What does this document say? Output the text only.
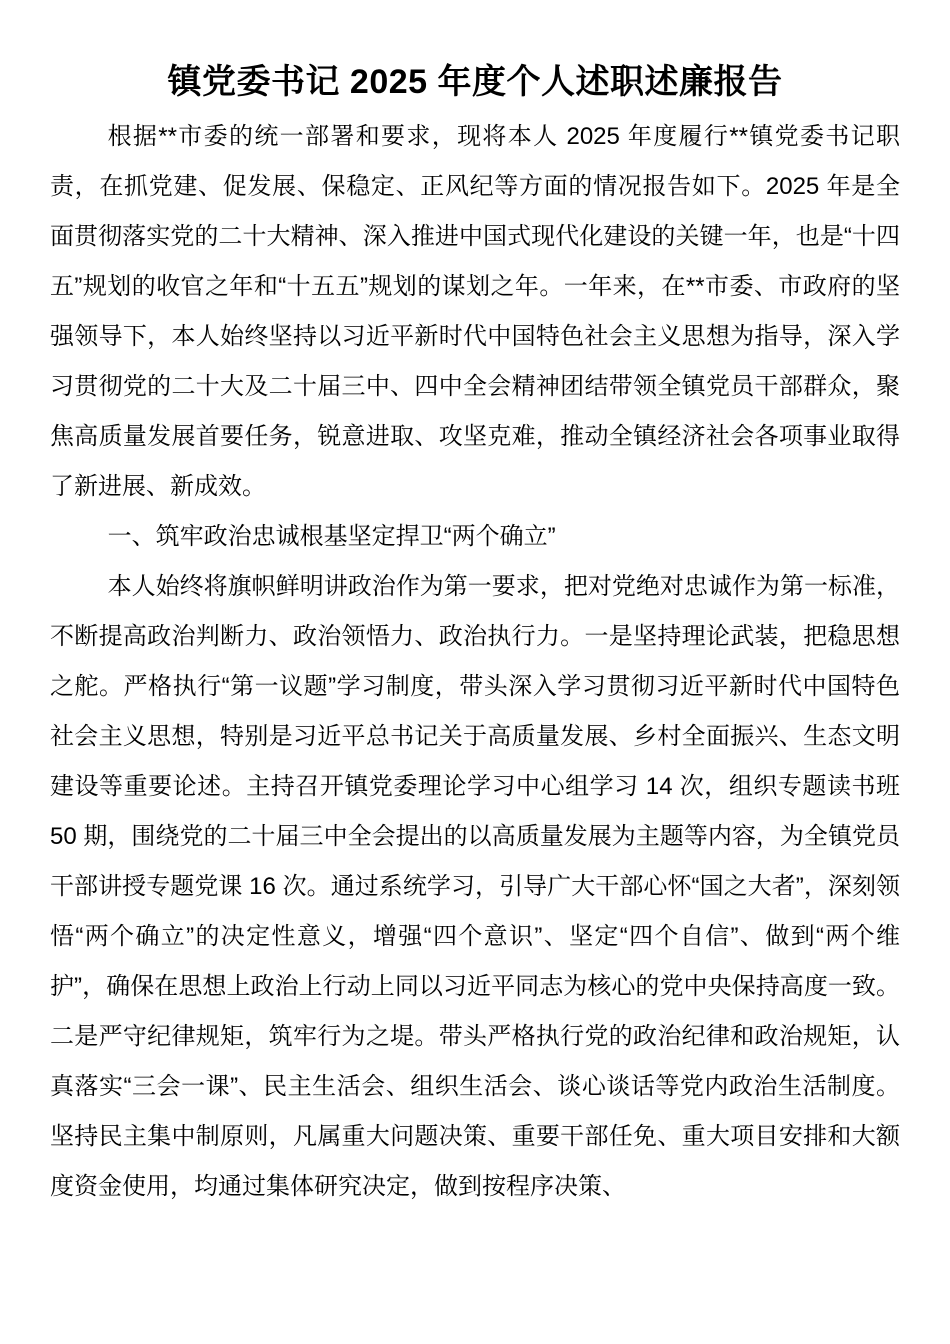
镇党委书记 2025 年度个人述职述廉报告

根据**市委的统一部署和要求，现将本人 2025 年度履行**镇党委书记职责，在抓党建、促发展、保稳定、正风纪等方面的情况报告如下。2025 年是全面贯彻落实党的二十大精神、深入推进中国式现代化建设的关键一年，也是“十四五”规划的收官之年和“十五五”规划的谋划之年。一年来，在**市委、市政府的坚强领导下，本人始终坚持以习近平新时代中国特色社会主义思想为指导，深入学习贯彻党的二十大及二十届三中、四中全会精神团结带领全镇党员干部群众，聚焦高质量发展首要任务，锐意进取、攻坚克难，推动全镇经济社会各项事业取得了新进展、新成效。

一、筑牢政治忠诚根基坚定捍卫“两个确立”

本人始终将旗帜鲜明讲政治作为第一要求，把对党绝对忠诚作为第一标准，不断提高政治判断力、政治领悟力、政治执行力。一是坚持理论武装，把稳思想之舵。严格执行“第一议题”学习制度，带头深入学习贯彻习近平新时代中国特色社会主义思想，特别是习近平总书记关于高质量发展、乡村全面振兴、生态文明建设等重要论述。主持召开镇党委理论学习中心组学习 14 次，组织专题读书班 50 期，围绕党的二十届三中全会提出的以高质量发展为主题等内容，为全镇党员干部讲授专题党课 16 次。通过系统学习，引导广大干部心怀“国之大者”，深刻领悟“两个确立”的决定性意义，增强“四个意识”、坚定“四个自信”、做到“两个维护”，确保在思想上政治上行动上同以习近平同志为核心的党中央保持高度一致。二是严守纪律规矩，筑牢行为之堤。带头严格执行党的政治纪律和政治规矩，认真落实“三会一课”、民主生活会、组织生活会、谈心谈话等党内政治生活制度。坚持民主集中制原则，凡属重大问题决策、重要干部任免、重大项目安排和大额度资金使用，均通过集体研究决定，做到按程序决策、
